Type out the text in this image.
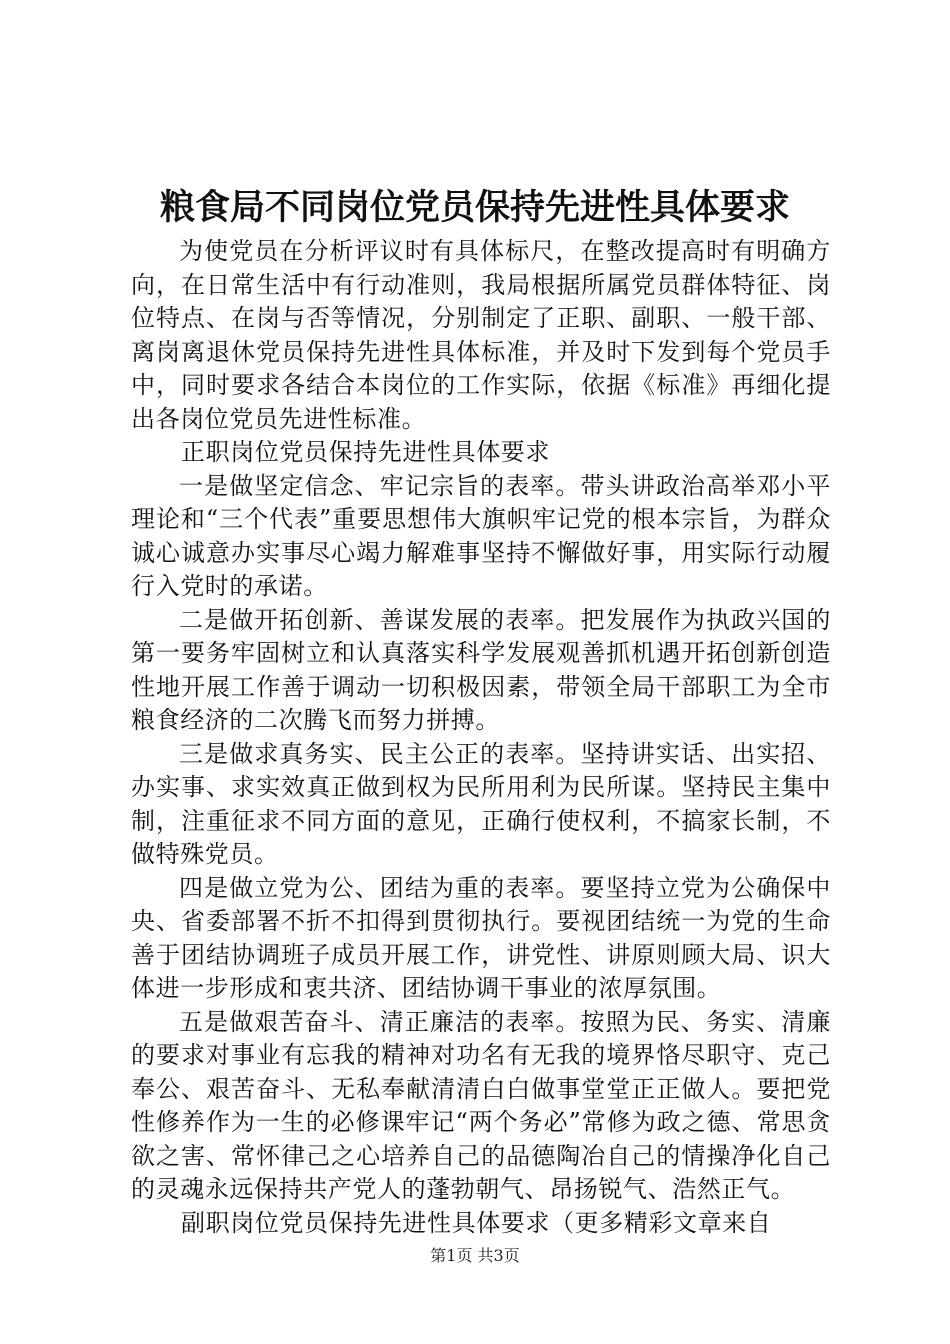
粮食局不同岗位党员保持先进性具体要求

为使党员在分析评议时有具体标尺，在整改提高时有明确方向，在日常生活中有行动准则，我局根据所属党员群体特征、岗位特点、在岗与否等情况，分别制定了正职、副职、一般干部、离岗离退休党员保持先进性具体标准，并及时下发到每个党员手中，同时要求各结合本岗位的工作实际，依据《标准》再细化提出各岗位党员先进性标准。

正职岗位党员保持先进性具体要求

一是做坚定信念、牢记宗旨的表率。带头讲政治高举邓小平理论和“三个代表”重要思想伟大旗帜牢记党的根本宗旨，为群众诚心诚意办实事尽心竭力解难事坚持不懈做好事，用实际行动履行入党时的承诺。

二是做开拓创新、善谋发展的表率。把发展作为执政兴国的第一要务牢固树立和认真落实科学发展观善抓机遇开拓创新创造性地开展工作善于调动一切积极因素，带领全局干部职工为全市粮食经济的二次腾飞而努力拼搏。

三是做求真务实、民主公正的表率。坚持讲实话、出实招、办实事、求实效真正做到权为民所用利为民所谋。坚持民主集中制，注重征求不同方面的意见，正确行使权利，不搞家长制，不做特殊党员。

四是做立党为公、团结为重的表率。要坚持立党为公确保中央、省委部署不折不扣得到贯彻执行。要视团结统一为党的生命善于团结协调班子成员开展工作，讲党性、讲原则顾大局、识大体进一步形成和衷共济、团结协调干事业的浓厚氛围。

五是做艰苦奋斗、清正廉洁的表率。按照为民、务实、清廉的要求对事业有忘我的精神对功名有无我的境界恪尽职守、克己奉公、艰苦奋斗、无私奉献清清白白做事堂堂正正做人。要把党性修养作为一生的必修课牢记“两个务必”常修为政之德、常思贪欲之害、常怀律己之心培养自己的品德陶冶自己的情操净化自己的灵魂永远保持共产党人的蓬勃朝气、昂扬锐气、浩然正气。

副职岗位党员保持先进性具体要求（更多精彩文章来自

第1页 共3页
